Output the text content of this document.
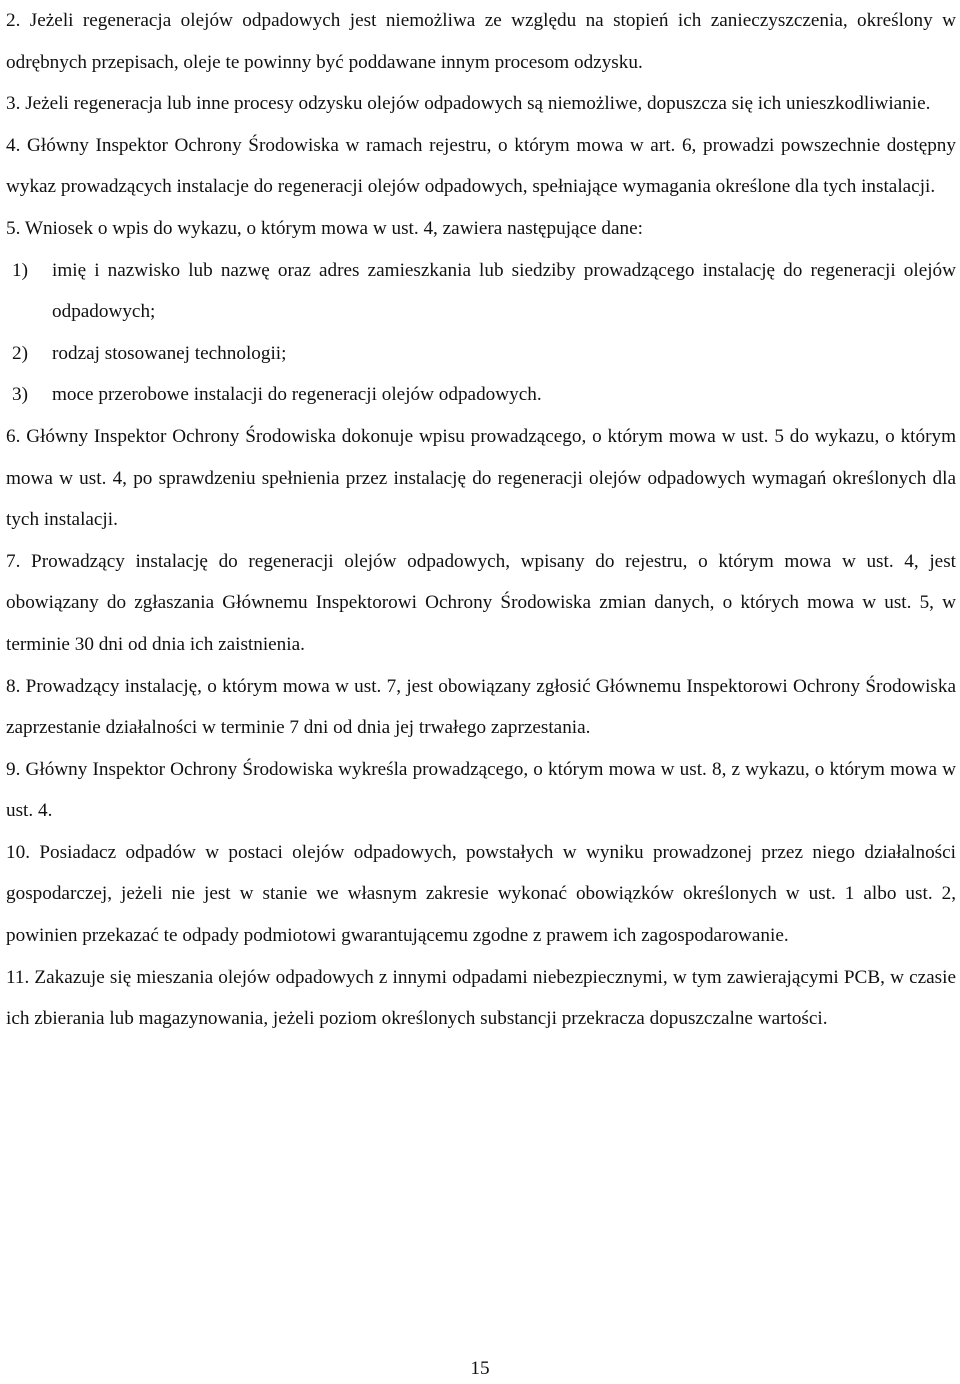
2. Jeżeli regeneracja olejów odpadowych jest niemożliwa ze względu na stopień ich zanieczyszczenia, określony w odrębnych przepisach, oleje te powinny być poddawane innym procesom odzysku.

3. Jeżeli regeneracja lub inne procesy odzysku olejów odpadowych są niemożliwe, dopuszcza się ich unieszkodliwianie.

4. Główny Inspektor Ochrony Środowiska w ramach rejestru, o którym mowa w art. 6, prowadzi powszechnie dostępny wykaz prowadzących instalacje do regeneracji olejów odpadowych, spełniające wymagania określone dla tych instalacji.

5. Wniosek o wpis do wykazu, o którym mowa w ust. 4, zawiera następujące dane:

1)	imię i nazwisko lub nazwę oraz adres zamieszkania lub siedziby prowadzącego instalację do regeneracji olejów odpadowych;
2)	rodzaj stosowanej technologii;
3)	moce przerobowe instalacji do regeneracji olejów odpadowych.

6. Główny Inspektor Ochrony Środowiska dokonuje wpisu prowadzącego, o którym mowa w ust. 5 do wykazu, o którym mowa w ust. 4, po sprawdzeniu spełnienia przez instalację do regeneracji olejów odpadowych wymagań określonych dla tych instalacji.

7. Prowadzący instalację do regeneracji olejów odpadowych, wpisany do rejestru, o którym mowa w ust. 4, jest obowiązany do zgłaszania Głównemu Inspektorowi Ochrony Środowiska zmian danych, o których mowa w ust. 5, w terminie 30 dni od dnia ich zaistnienia.

8. Prowadzący instalację, o którym mowa w ust. 7, jest obowiązany zgłosić Głównemu Inspektorowi Ochrony Środowiska zaprzestanie działalności w terminie 7 dni od dnia jej trwałego zaprzestania.

9. Główny Inspektor Ochrony Środowiska wykreśla prowadzącego, o którym mowa w ust. 8, z wykazu, o którym mowa w ust. 4.

10. Posiadacz odpadów w postaci olejów odpadowych, powstałych w wyniku prowadzonej przez niego działalności gospodarczej, jeżeli nie jest w stanie we własnym zakresie wykonać obowiązków określonych w ust. 1 albo ust. 2, powinien przekazać te odpady podmiotowi gwarantującemu zgodne z prawem ich zagospodarowanie.

11. Zakazuje się mieszania olejów odpadowych z innymi odpadami niebezpiecznymi, w tym zawierającymi PCB, w czasie ich zbierania lub magazynowania, jeżeli poziom określonych substancji przekracza dopuszczalne wartości.

15
